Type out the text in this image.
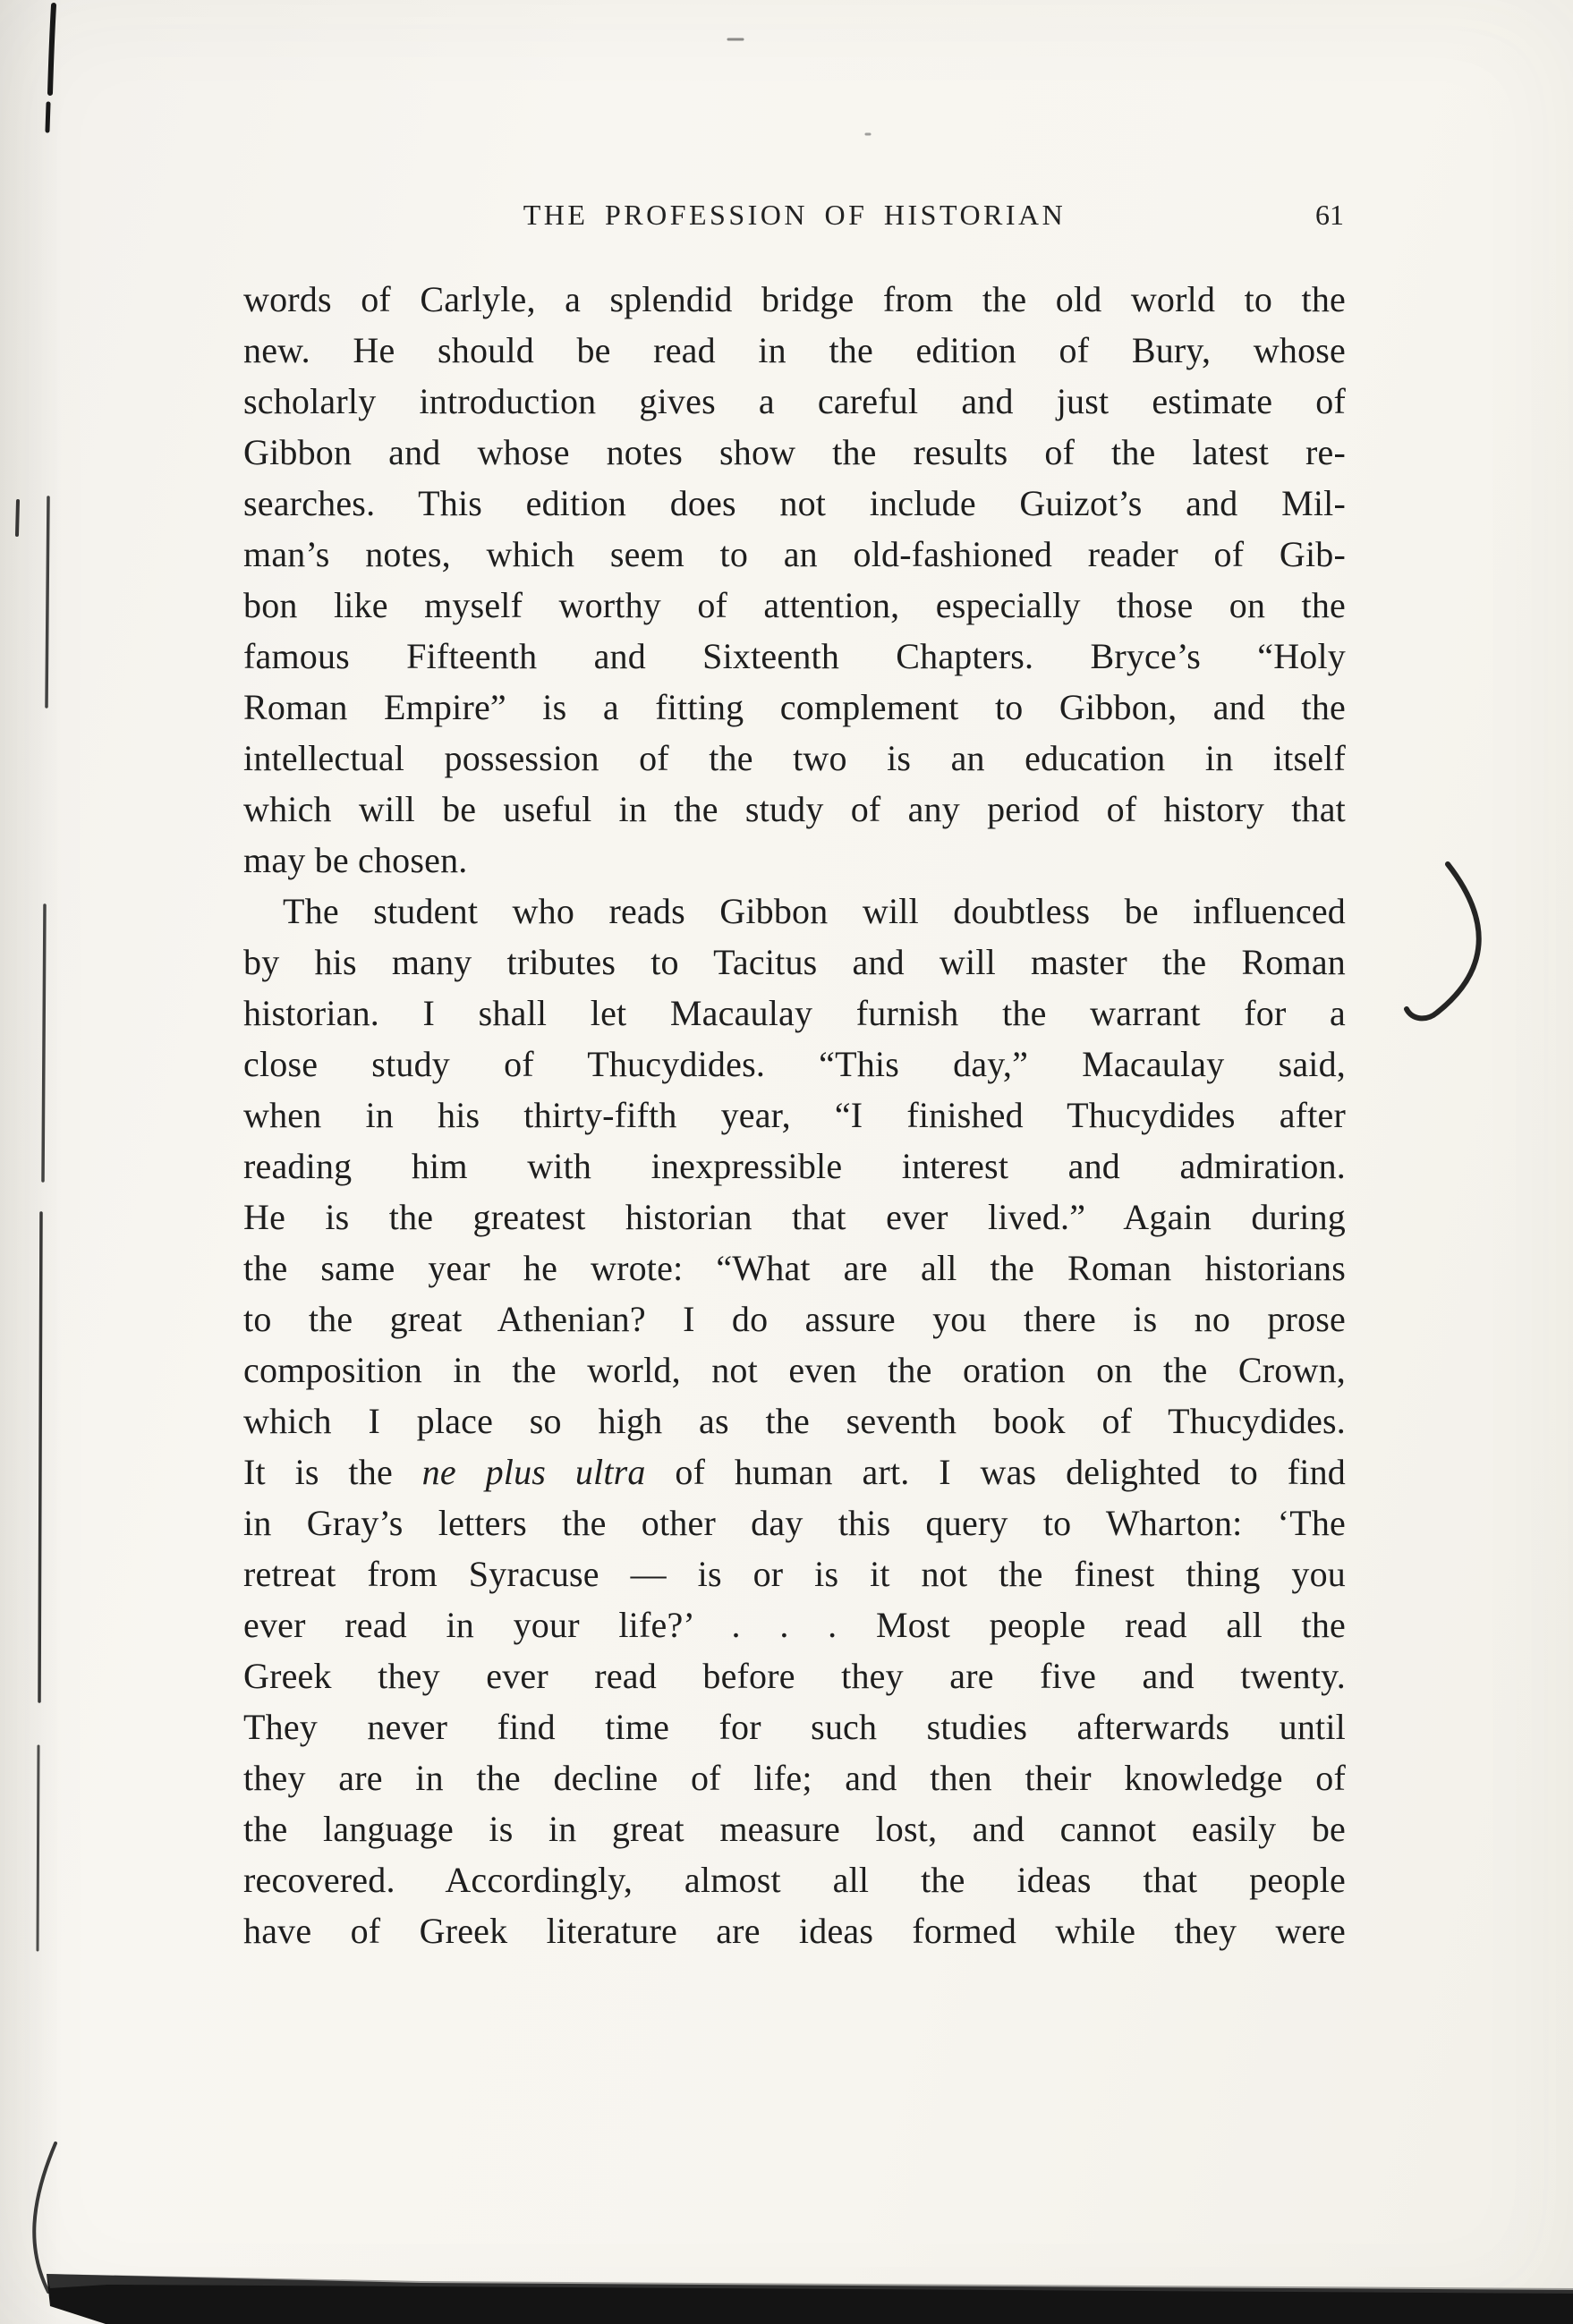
THE PROFESSION OF HISTORIAN	61
words of Carlyle, a splendid bridge from the old world to the
new. He should be read in the edition of Bury, whose
scholarly introduction gives a careful and just estimate of
Gibbon and whose notes show the results of the latest re-
searches. This edition does not include Guizot’s and Mil-
man’s notes, which seem to an old-fashioned reader of Gib-
bon like myself worthy of attention, especially those on the
famous Fifteenth and Sixteenth Chapters. Bryce’s “Holy
Roman Empire” is a fitting complement to Gibbon, and the
intellectual possession of the two is an education in itself
which will be useful in the study of any period of history that
may be chosen.
The student who reads Gibbon will doubtless be influenced
by his many tributes to Tacitus and will master the Roman
historian. I shall let Macaulay furnish the warrant for a
close study of Thucydides. “This day,” Macaulay said,
when in his thirty-fifth year, “I finished Thucydides after
reading him with inexpressible interest and admiration.
He is the greatest historian that ever lived.” Again during
the same year he wrote: “What are all the Roman historians
to the great Athenian? I do assure you there is no prose
composition in the world, not even the oration on the Crown,
which I place so high as the seventh book of Thucydides.
It is the ne plus ultra of human art. I was delighted to find
in Gray’s letters the other day this query to Wharton: ‘The
retreat from Syracuse — is or is it not the finest thing you
ever read in your life?’ . . . Most people read all the
Greek they ever read before they are five and twenty.
They never find time for such studies afterwards until
they are in the decline of life; and then their knowledge of
the language is in great measure lost, and cannot easily be
recovered. Accordingly, almost all the ideas that people
have of Greek literature are ideas formed while they were
